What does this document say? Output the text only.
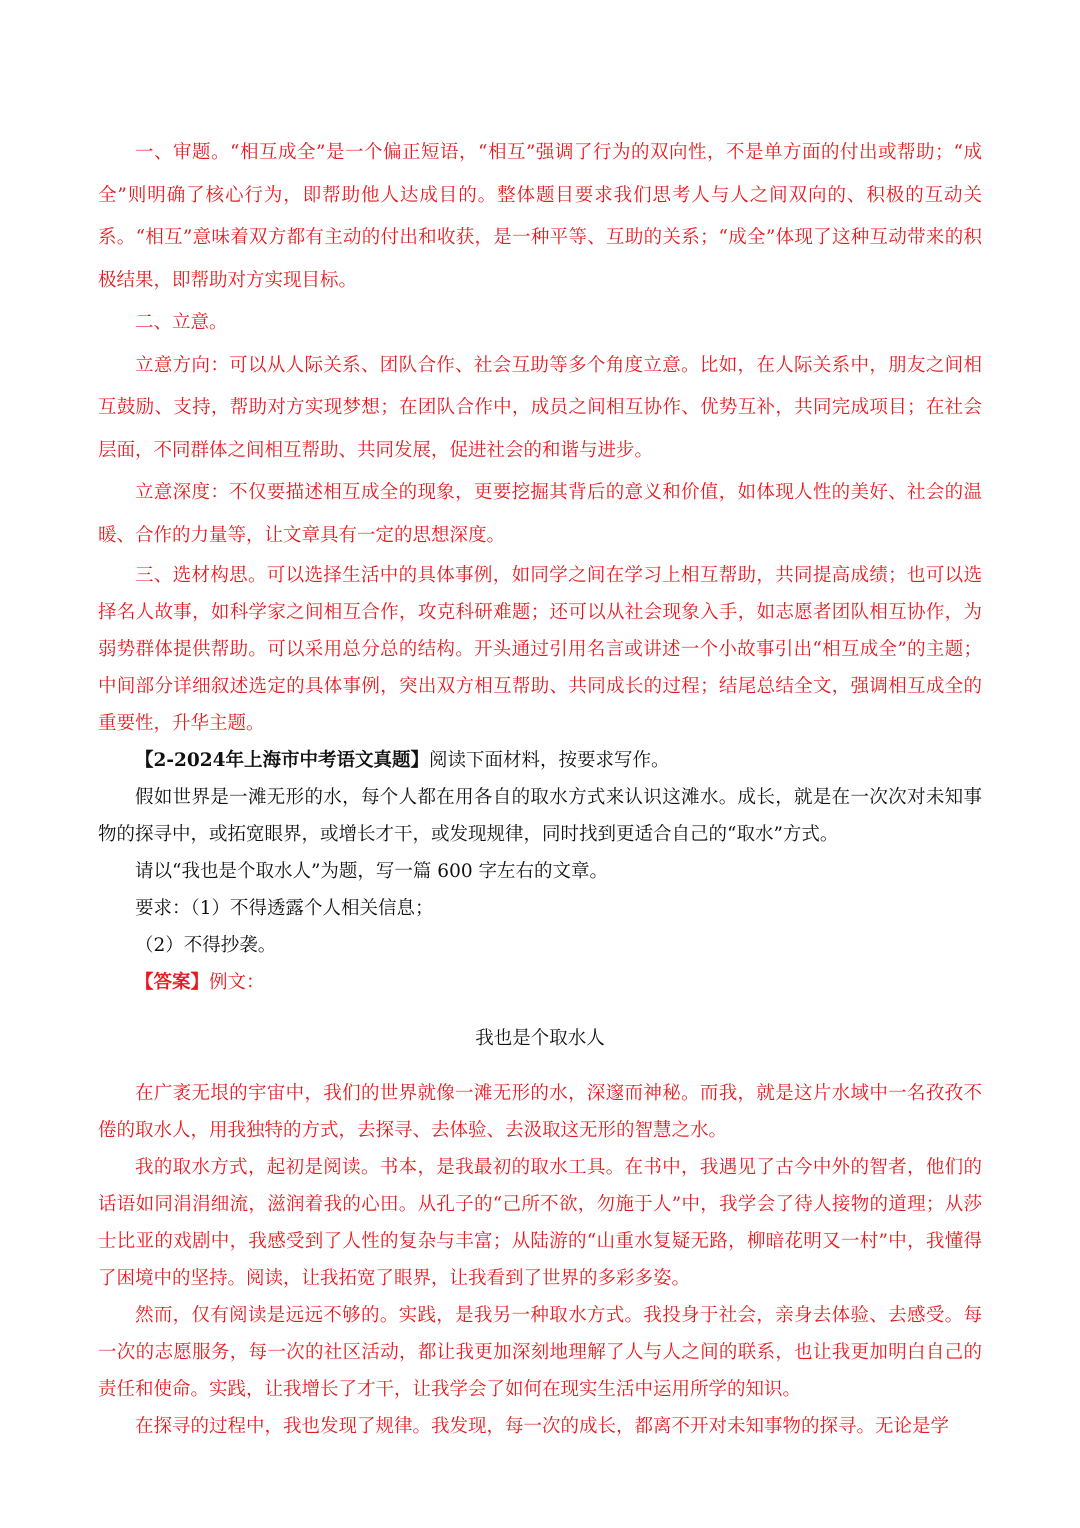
一、审题。“相互成全”是一个偏正短语，“相互”强调了行为的双向性，不是单方面的付出或帮助；“成全”则明确了核心行为，即帮助他人达成目的。整体题目要求我们思考人与人之间双向的、积极的互动关系。“相互”意味着双方都有主动的付出和收获，是一种平等、互助的关系；“成全”体现了这种互动带来的积极结果，即帮助对方实现目标。

二、立意。

立意方向：可以从人际关系、团队合作、社会互助等多个角度立意。比如，在人际关系中，朋友之间相互鼓励、支持，帮助对方实现梦想；在团队合作中，成员之间相互协作、优势互补，共同完成项目；在社会层面，不同群体之间相互帮助、共同发展，促进社会的和谐与进步。

立意深度：不仅要描述相互成全的现象，更要挖掘其背后的意义和价值，如体现人性的美好、社会的温暖、合作的力量等，让文章具有一定的思想深度。

三、选材构思。可以选择生活中的具体事例，如同学之间在学习上相互帮助，共同提高成绩；也可以选择名人故事，如科学家之间相互合作，攻克科研难题；还可以从社会现象入手，如志愿者团队相互协作，为弱势群体提供帮助。可以采用总分总的结构。开头通过引用名言或讲述一个小故事引出“相互成全”的主题；中间部分详细叙述选定的具体事例，突出双方相互帮助、共同成长的过程；结尾总结全文，强调相互成全的重要性，升华主题。

【2-2024年上海市中考语文真题】阅读下面材料，按要求写作。

假如世界是一滩无形的水，每个人都在用各自的取水方式来认识这滩水。成长，就是在一次次对未知事物的探寻中，或拓宽眼界，或增长才干，或发现规律，同时找到更适合自己的“取水”方式。

请以“我也是个取水人”为题，写一篇 600 字左右的文章。

要求：（1）不得透露个人相关信息；

（2）不得抄袭。

【答案】例文：

我也是个取水人

在广袤无垠的宇宙中，我们的世界就像一滩无形的水，深邃而神秘。而我，就是这片水域中一名孜孜不倦的取水人，用我独特的方式，去探寻、去体验、去汲取这无形的智慧之水。

我的取水方式，起初是阅读。书本，是我最初的取水工具。在书中，我遇见了古今中外的智者，他们的话语如同涓涓细流，滋润着我的心田。从孔子的“己所不欲，勿施于人”中，我学会了待人接物的道理；从莎士比亚的戏剧中，我感受到了人性的复杂与丰富；从陆游的“山重水复疑无路，柳暗花明又一村”中，我懂得了困境中的坚持。阅读，让我拓宽了眼界，让我看到了世界的多彩多姿。

然而，仅有阅读是远远不够的。实践，是我另一种取水方式。我投身于社会，亲身去体验、去感受。每一次的志愿服务，每一次的社区活动，都让我更加深刻地理解了人与人之间的联系，也让我更加明白自己的责任和使命。实践，让我增长了才干，让我学会了如何在现实生活中运用所学的知识。

在探寻的过程中，我也发现了规律。我发现，每一次的成长，都离不开对未知事物的探寻。无论是学
